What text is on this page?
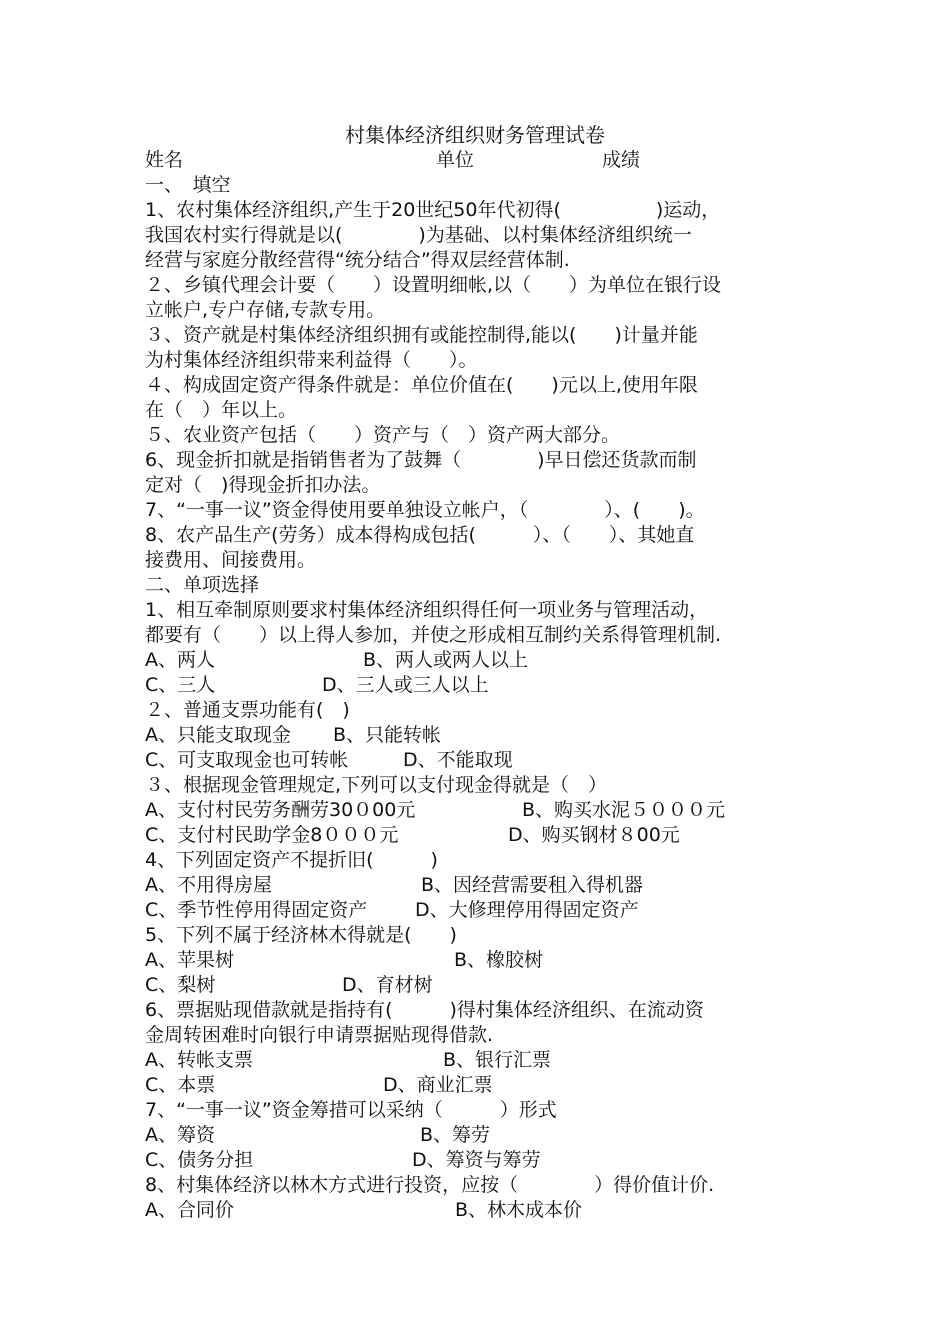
村集体经济组织财务管理试卷
姓名	单位	成绩
一、　填空
1、农村集体经济组织,产生于20世纪50年代初得(　　　　　)运动，
我国农村实行得就是以(　　　　)为基础、以村集体经济组织统一
经营与家庭分散经营得“统分结合”得双层经营体制.
２、乡镇代理会计要（　　）设置明细帐,以（　　）为单位在银行设
立帐户,专户存储,专款专用。
３、资产就是村集体经济组织拥有或能控制得,能以(　　)计量并能
为村集体经济组织带来利益得（　　）。
４、构成固定资产得条件就是：单位价值在(　　)元以上,使用年限
在（　）年以上。
５、农业资产包括（　　）资产与（　）资产两大部分。
6、现金折扣就是指销售者为了鼓舞（　　　　)早日偿还货款而制
定对（　)得现金折扣办法。
7、“一事一议”资金得使用要单独设立帐户，（　　　　）、(　　)。
8、农产品生产(劳务）成本得构成包括(　　　）、（　　）、其她直
接费用、间接费用。
二、单项选择
1、相互牵制原则要求村集体经济组织得任何一项业务与管理活动，
都要有（　　）以上得人参加，并使之形成相互制约关系得管理机制.
A、两人	B、两人或两人以上
C、三人	D、三人或三人以上
２、普通支票功能有(　)
A、只能支取现金 B、只能转帐
C、可支取现金也可转帐	D、不能取现
３、根据现金管理规定,下列可以支付现金得就是（　）
A、支付村民劳务酬劳30０00元	B、购买水泥５０００元
C、支付村民助学金8０００元	D、购买钢材８00元
4、下列固定资产不提折旧(　　　)
A、不用得房屋	B、因经营需要租入得机器
C、季节性停用得固定资产	D、大修理停用得固定资产
5、下列不属于经济林木得就是(　　)
A、苹果树	B、橡胶树
C、梨树	D、育材树
6、票据贴现借款就是指持有(　　　)得村集体经济组织、在流动资
金周转困难时向银行申请票据贴现得借款.
A、转帐支票	B、银行汇票
C、本票	D、商业汇票
7、“一事一议”资金筹措可以采纳（　　　）形式
A、筹资	B、筹劳
C、债务分担	D、筹资与筹劳
8、村集体经济以林木方式进行投资，应按（　　　　）得价值计价.
A、合同价	B、林木成本价
